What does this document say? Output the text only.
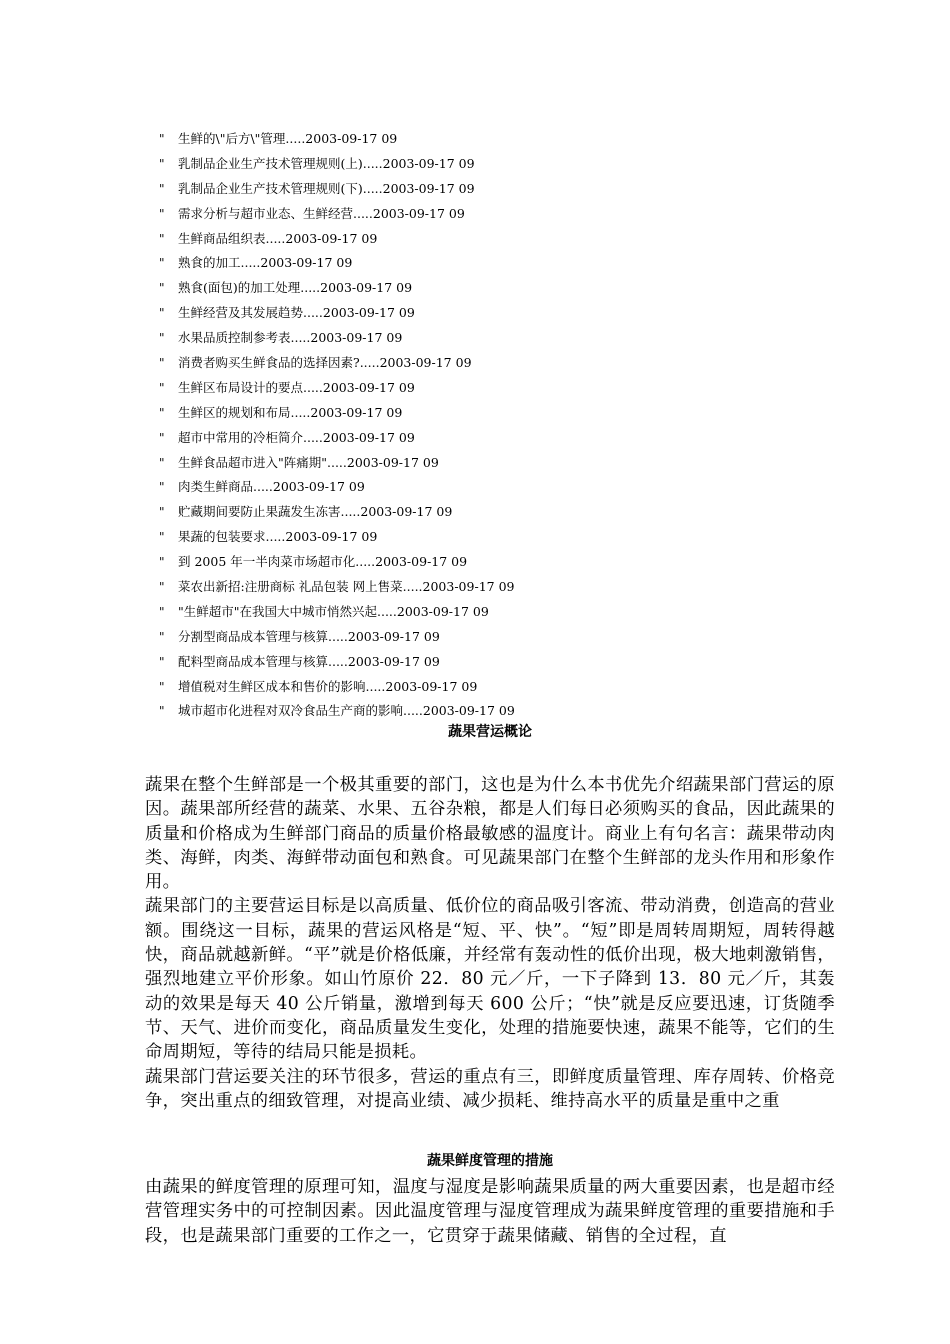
" 生鲜的\"后方\"管理.....2003-09-17 09
" 乳制品企业生产技术管理规则(上).....2003-09-17 09
" 乳制品企业生产技术管理规则(下).....2003-09-17 09
" 需求分析与超市业态、生鲜经营.....2003-09-17 09
" 生鲜商品组织表.....2003-09-17 09
" 熟食的加工.....2003-09-17 09
" 熟食(面包)的加工处理.....2003-09-17 09
" 生鲜经营及其发展趋势.....2003-09-17 09
" 水果品质控制参考表.....2003-09-17 09
" 消费者购买生鲜食品的选择因素?.....2003-09-17 09
" 生鲜区布局设计的要点.....2003-09-17 09
" 生鲜区的规划和布局.....2003-09-17 09
" 超市中常用的冷柜简介.....2003-09-17 09
" 生鲜食品超市进入"阵痛期".....2003-09-17 09
" 肉类生鲜商品.....2003-09-17 09
" 贮藏期间要防止果蔬发生冻害.....2003-09-17 09
" 果蔬的包装要求.....2003-09-17 09
" 到 2005 年一半肉菜市场超市化.....2003-09-17 09
" 菜农出新招:注册商标 礼品包装 网上售菜.....2003-09-17 09
" "生鲜超市"在我国大中城市悄然兴起.....2003-09-17 09
" 分割型商品成本管理与核算.....2003-09-17 09
" 配料型商品成本管理与核算.....2003-09-17 09
" 增值税对生鲜区成本和售价的影响.....2003-09-17 09
" 城市超市化进程对双冷食品生产商的影响.....2003-09-17 09
蔬果营运概论

蔬果在整个生鲜部是一个极其重要的部门，这也是为什么本书优先介绍蔬果部门营运的原因。蔬果部所经营的蔬菜、水果、五谷杂粮，都是人们每日必须购买的食品，因此蔬果的质量和价格成为生鲜部门商品的质量价格最敏感的温度计。商业上有句名言：蔬果带动肉类、海鲜，肉类、海鲜带动面包和熟食。可见蔬果部门在整个生鲜部的龙头作用和形象作用。

蔬果部门的主要营运目标是以高质量、低价位的商品吸引客流、带动消费，创造高的营业额。围绕这一目标，蔬果的营运风格是“短、平、快”。“短”即是周转周期短，周转得越快，商品就越新鲜。“平”就是价格低廉，并经常有轰动性的低价出现，极大地刺激销售，强烈地建立平价形象。如山竹原价 22．80 元／斤，一下子降到 13．80 元／斤，其轰动的效果是每天 40 公斤销量，激增到每天 600 公斤；“快”就是反应要迅速，订货随季节、天气、进价而变化，商品质量发生变化，处理的措施要快速，蔬果不能等，它们的生命周期短，等待的结局只能是损耗。

蔬果部门营运要关注的环节很多，营运的重点有三，即鲜度质量管理、库存周转、价格竞争，突出重点的细致管理，对提高业绩、减少损耗、维持高水平的质量是重中之重

蔬果鲜度管理的措施

由蔬果的鲜度管理的原理可知，温度与湿度是影响蔬果质量的两大重要因素，也是超市经营管理实务中的可控制因素。因此温度管理与湿度管理成为蔬果鲜度管理的重要措施和手段，也是蔬果部门重要的工作之一，它贯穿于蔬果储藏、销售的全过程，直
